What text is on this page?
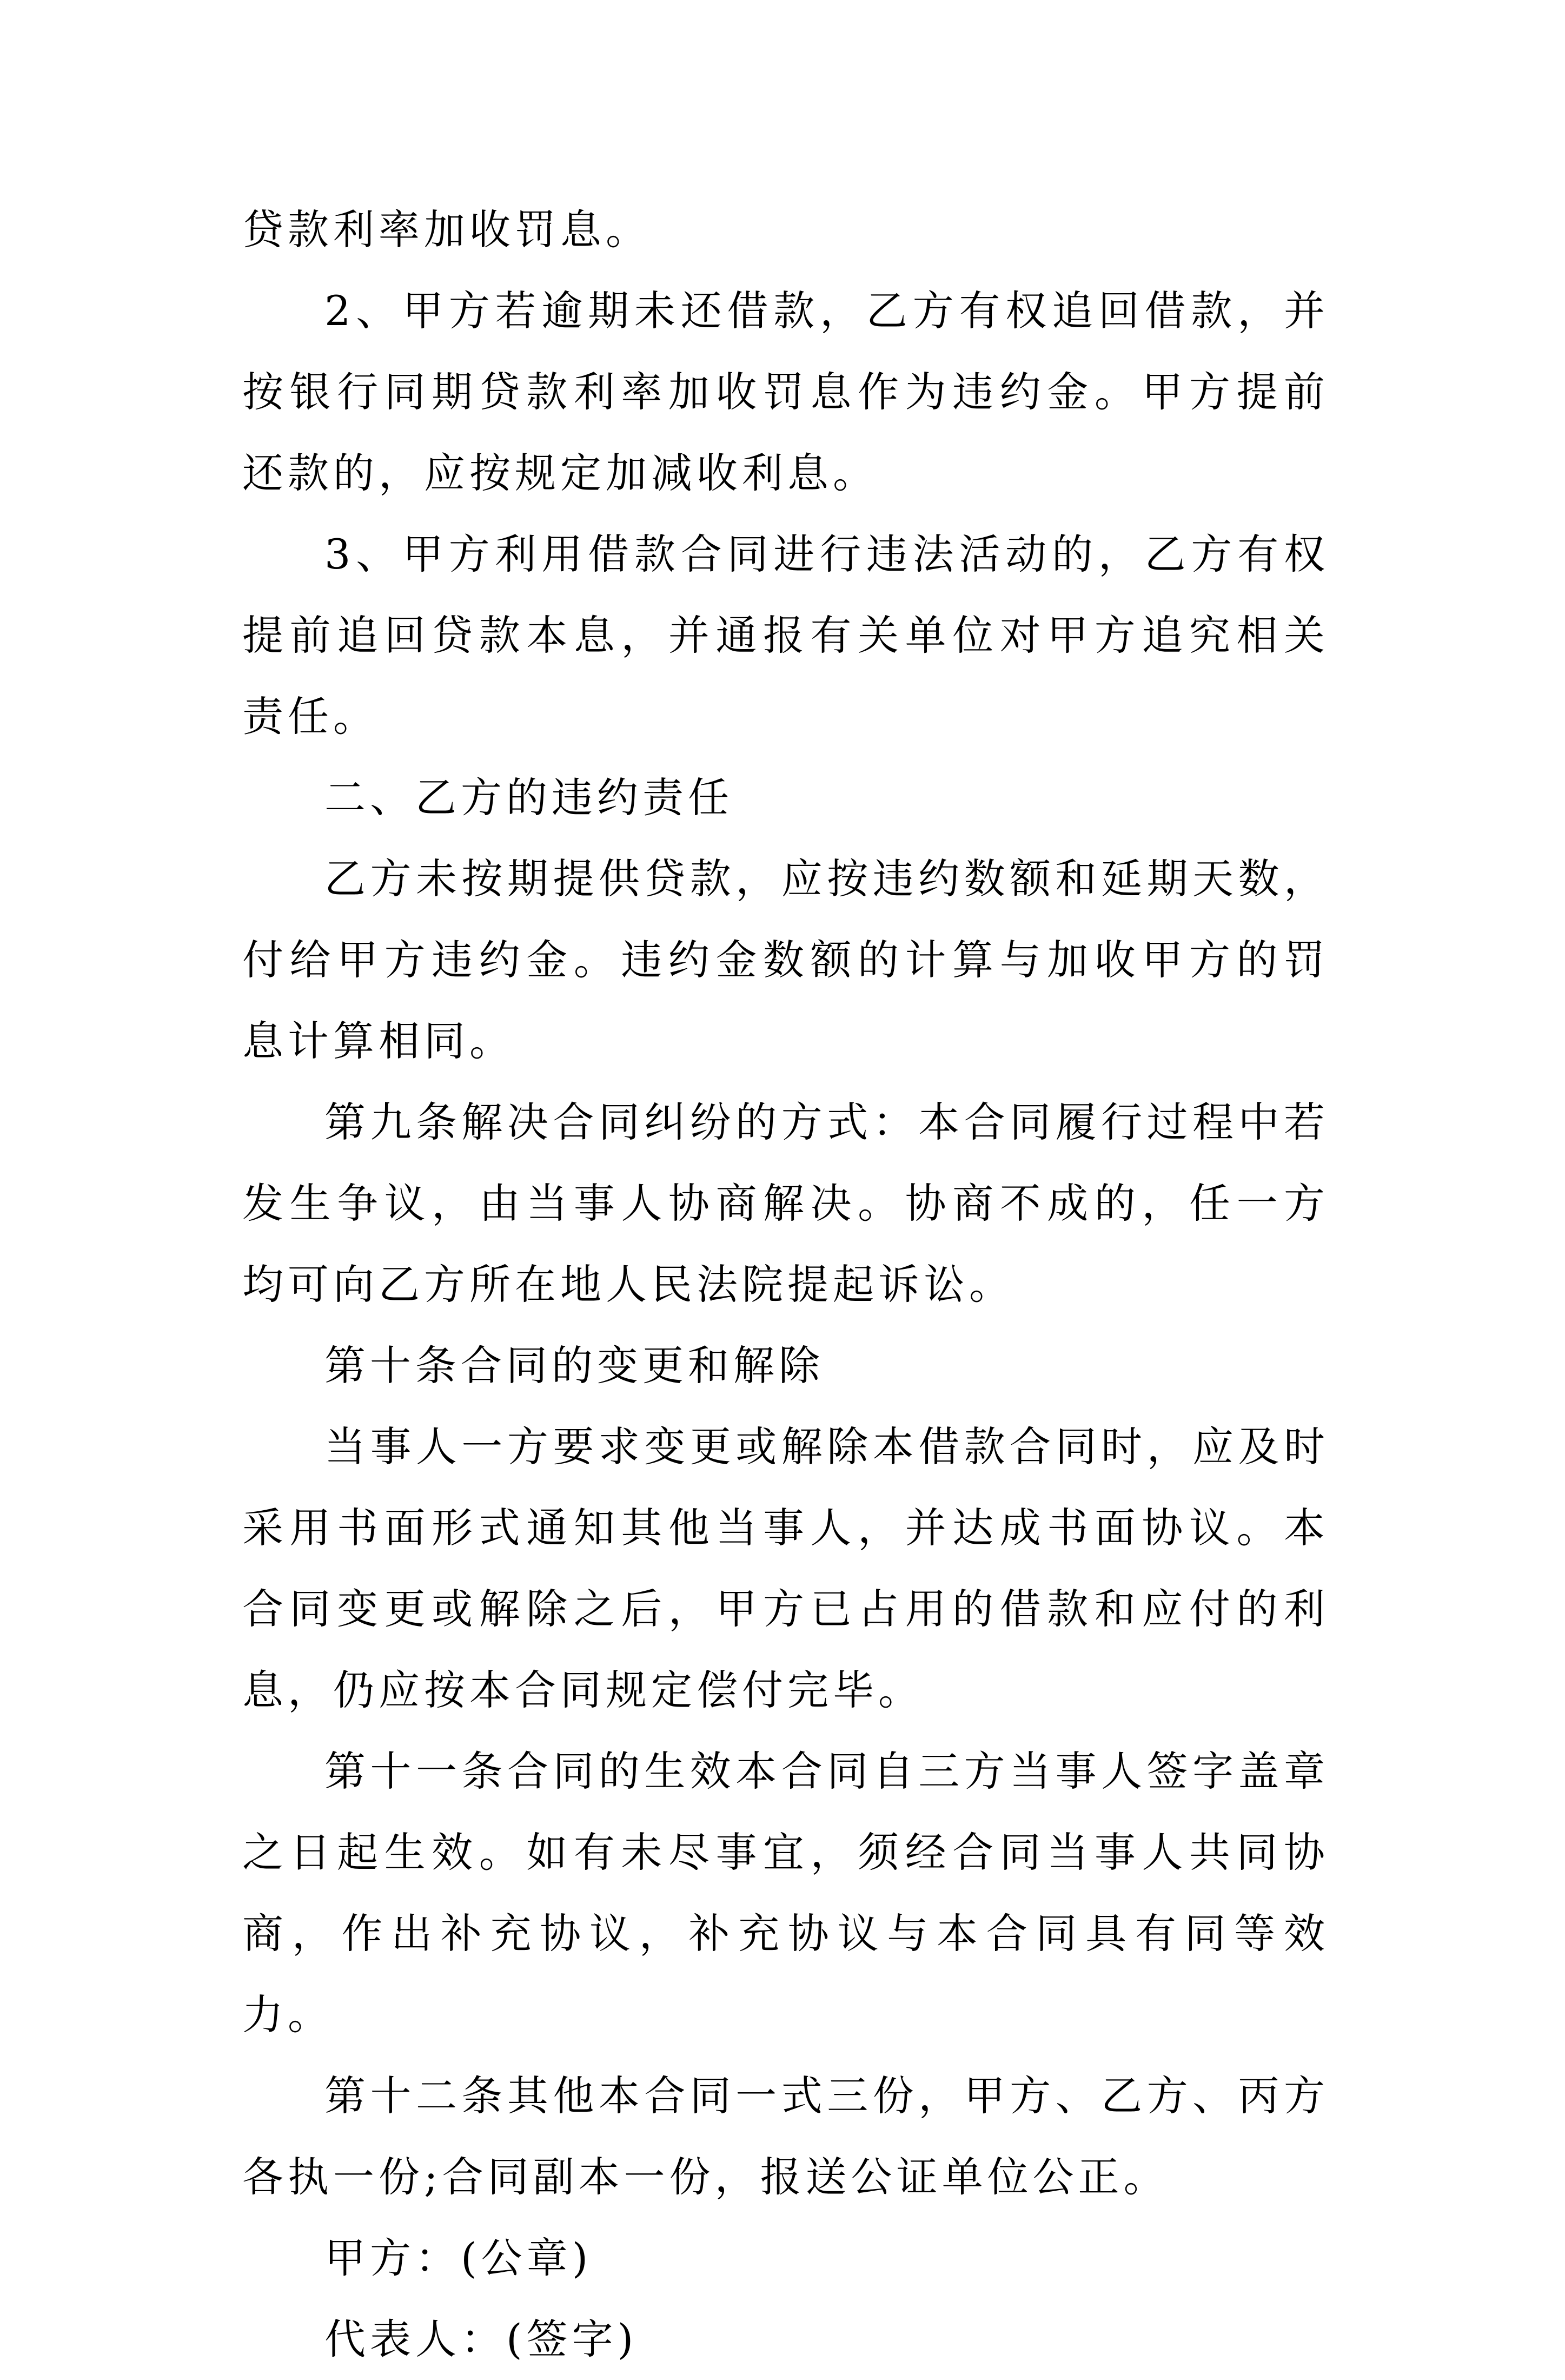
贷款利率加收罚息。

2、甲方若逾期未还借款，乙方有权追回借款，并按银行同期贷款利率加收罚息作为违约金。甲方提前还款的，应按规定加减收利息。

3、甲方利用借款合同进行违法活动的，乙方有权提前追回贷款本息，并通报有关单位对甲方追究相关责任。

二、乙方的违约责任

乙方未按期提供贷款，应按违约数额和延期天数，付给甲方违约金。违约金数额的计算与加收甲方的罚息计算相同。

第九条解决合同纠纷的方式：本合同履行过程中若发生争议，由当事人协商解决。协商不成的，任一方均可向乙方所在地人民法院提起诉讼。

第十条合同的变更和解除

当事人一方要求变更或解除本借款合同时，应及时采用书面形式通知其他当事人，并达成书面协议。本合同变更或解除之后，甲方已占用的借款和应付的利息，仍应按本合同规定偿付完毕。

第十一条合同的生效本合同自三方当事人签字盖章之日起生效。如有未尽事宜，须经合同当事人共同协商，作出补充协议，补充协议与本合同具有同等效力。

第十二条其他本合同一式三份，甲方、乙方、丙方各执一份;合同副本一份，报送公证单位公正。

甲方：(公章)

代表人：(签字)
